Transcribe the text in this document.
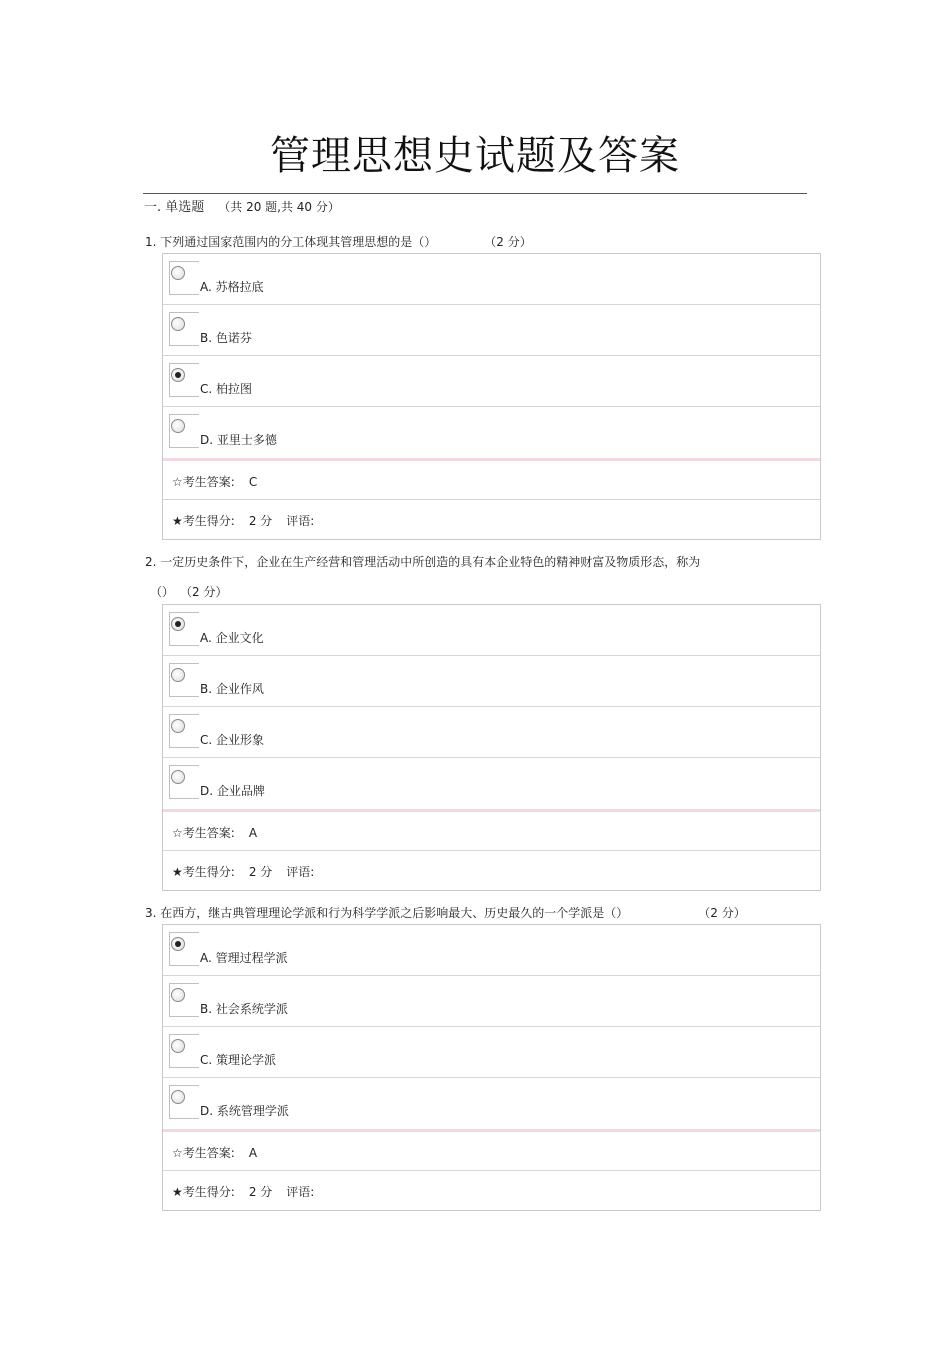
管理思想史试题及答案
一. 单选题 （共 20 题,共 40 分）
1. 下列通过国家范围内的分工体现其管理思想的是（）	（2 分）
A. 苏格拉底
B. 色诺芬
C. 柏拉图
D. 亚里士多德
☆考生答案: C
★考生得分: 2 分 评语:
2. 一定历史条件下，企业在生产经营和管理活动中所创造的具有本企业特色的精神财富及物质形态，称为
（） （2 分）
A. 企业文化
B. 企业作风
C. 企业形象
D. 企业品牌
☆考生答案: A
★考生得分: 2 分 评语:
3. 在西方，继古典管理理论学派和行为科学学派之后影响最大、历史最久的一个学派是（）	（2 分）
A. 管理过程学派
B. 社会系统学派
C. 策理论学派
D. 系统管理学派
☆考生答案: A
★考生得分: 2 分 评语:
